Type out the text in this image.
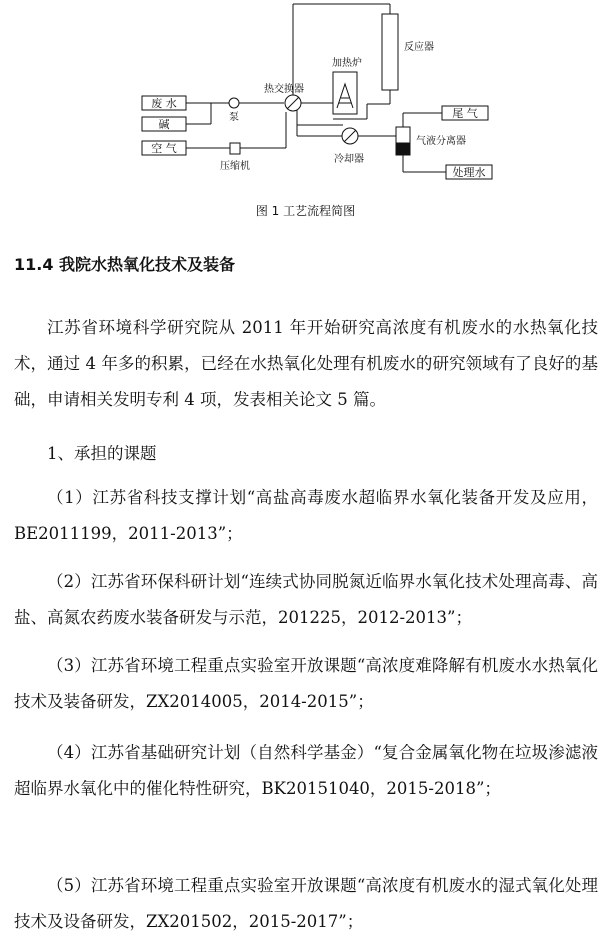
废 水
碱
空 气
泵
压缩机
热交换器
加热炉
反应器
尾 气
气液分离器
冷却器
处理水
图 1 工艺流程简图
11.4 我院水热氧化技术及装备

江苏省环境科学研究院从 2011 年开始研究高浓度有机废水的水热氧化技术，通过 4 年多的积累，已经在水热氧化处理有机废水的研究领域有了良好的基础，申请相关发明专利 4 项，发表相关论文 5 篇。

1、承担的课题

（1）江苏省科技支撑计划“高盐高毒废水超临界水氧化装备开发及应用，BE2011199，2011-2013”；

（2）江苏省环保科研计划“连续式协同脱氮近临界水氧化技术处理高毒、高盐、高氮农药废水装备研发与示范，201225，2012-2013”；

（3）江苏省环境工程重点实验室开放课题“高浓度难降解有机废水水热氧化技术及装备研发，ZX2014005，2014-2015”；

（4）江苏省基础研究计划（自然科学基金）“复合金属氧化物在垃圾渗滤液超临界水氧化中的催化特性研究，BK20151040，2015-2018”；

（5）江苏省环境工程重点实验室开放课题“高浓度有机废水的湿式氧化处理技术及设备研发，ZX201502，2015-2017”；
